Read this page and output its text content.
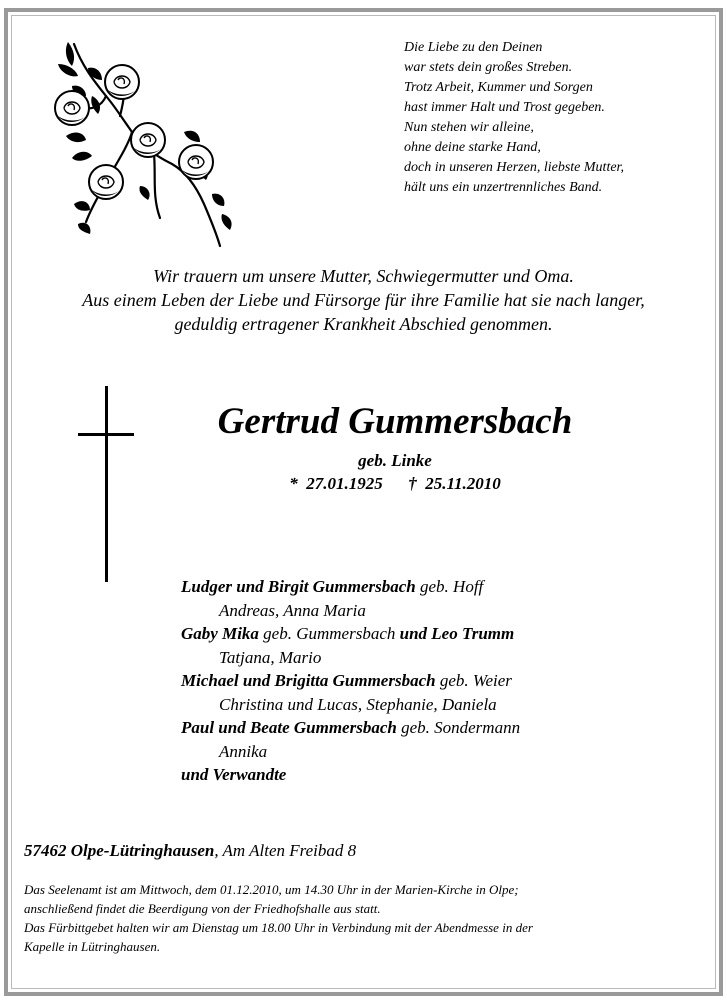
Die Liebe zu den Deinen
war stets dein großes Streben.
Trotz Arbeit, Kummer und Sorgen
hast immer Halt und Trost gegeben.
Nun stehen wir alleine,
ohne deine starke Hand,
doch in unseren Herzen, liebste Mutter,
hält uns ein unzertrennliches Band.
Wir trauern um unsere Mutter, Schwiegermutter und Oma.
Aus einem Leben der Liebe und Fürsorge für ihre Familie hat sie nach langer,
geduldig ertragener Krankheit Abschied genommen.
Gertrud Gummersbach
geb. Linke
*  27.01.1925      †  25.11.2010
Ludger und Birgit Gummersbach geb. Hoff
Andreas, Anna Maria
Gaby Mika geb. Gummersbach und Leo Trumm
Tatjana, Mario
Michael und Brigitta Gummersbach geb. Weier
Christina und Lucas, Stephanie, Daniela
Paul und Beate Gummersbach geb. Sondermann
Annika
und Verwandte
57462 Olpe-Lütringhausen, Am Alten Freibad 8
Das Seelenamt ist am Mittwoch, dem 01.12.2010, um 14.30 Uhr in der Marien-Kirche in Olpe;
anschließend findet die Beerdigung von der Friedhofshalle aus statt.
Das Fürbittgebet halten wir am Dienstag um 18.00 Uhr in Verbindung mit der Abendmesse in der
Kapelle in Lütringhausen.
